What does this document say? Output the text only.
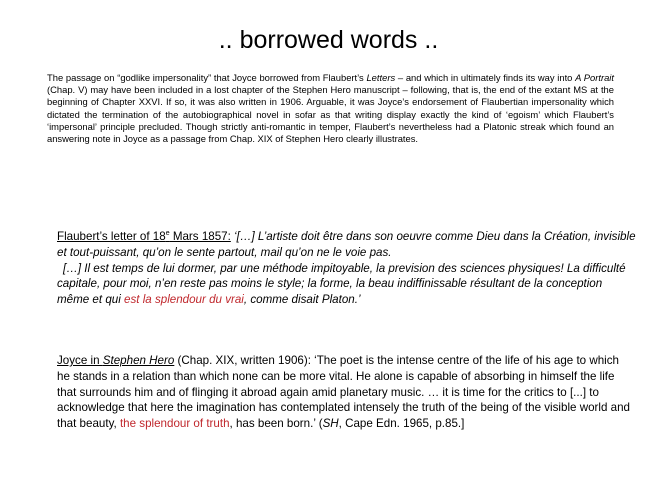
.. borrowed words ..
The passage on “godlike impersonality” that Joyce borrowed from Flaubert’s Letters – and which in ultimately finds its way into A Portrait (Chap. V) may have been included in a lost chapter of the Stephen Hero manuscript – following, that is, the end of the extant MS at the beginning of Chapter XXVI. If so, it was also written in 1906. Arguable, it was Joyce’s endorsement of Flaubertian impersonality which dictated the termination of the autobiographical novel in sofar as that writing display exactly the kind of ‘egoism’ which Flaubert’s ‘impersonal’ principle precluded. Though strictly anti-romantic in temper, Flaubert’s nevertheless had a Platonic streak which found an answering note in Joyce as a passage from Chap. XIX of Stephen Hero clearly illustrates.
Flaubert’s letter of 18e Mars 1857: ‘[…] L’artiste doit être dans son oeuvre comme Dieu dans la Création, invisible et tout-puissant, qu’on le sente partout, mail qu’on ne le voie pas.
[…] Il est temps de lui dormer, par une méthode impitoyable, la prevision des sciences physiques! La difficulté capitale, pour moi, n’en reste pas moins le style; la forme, la beau indiffinissable résultant de la conception même et qui est la splendour du vrai, comme disait Platon.’
Joyce in Stephen Hero (Chap. XIX, written 1906): ‘The poet is the intense centre of the life of his age to which he stands in a relation than which none can be more vital. He alone is capable of absorbing in himself the life that surrounds him and of flinging it abroad again amid planetary music. … it is time for the critics to [...] to acknowledge that here the imagination has contemplated intensely the truth of the being of the visible world and that beauty, the splendour of truth, has been born.’ (SH, Cape Edn. 1965, p.85.]
